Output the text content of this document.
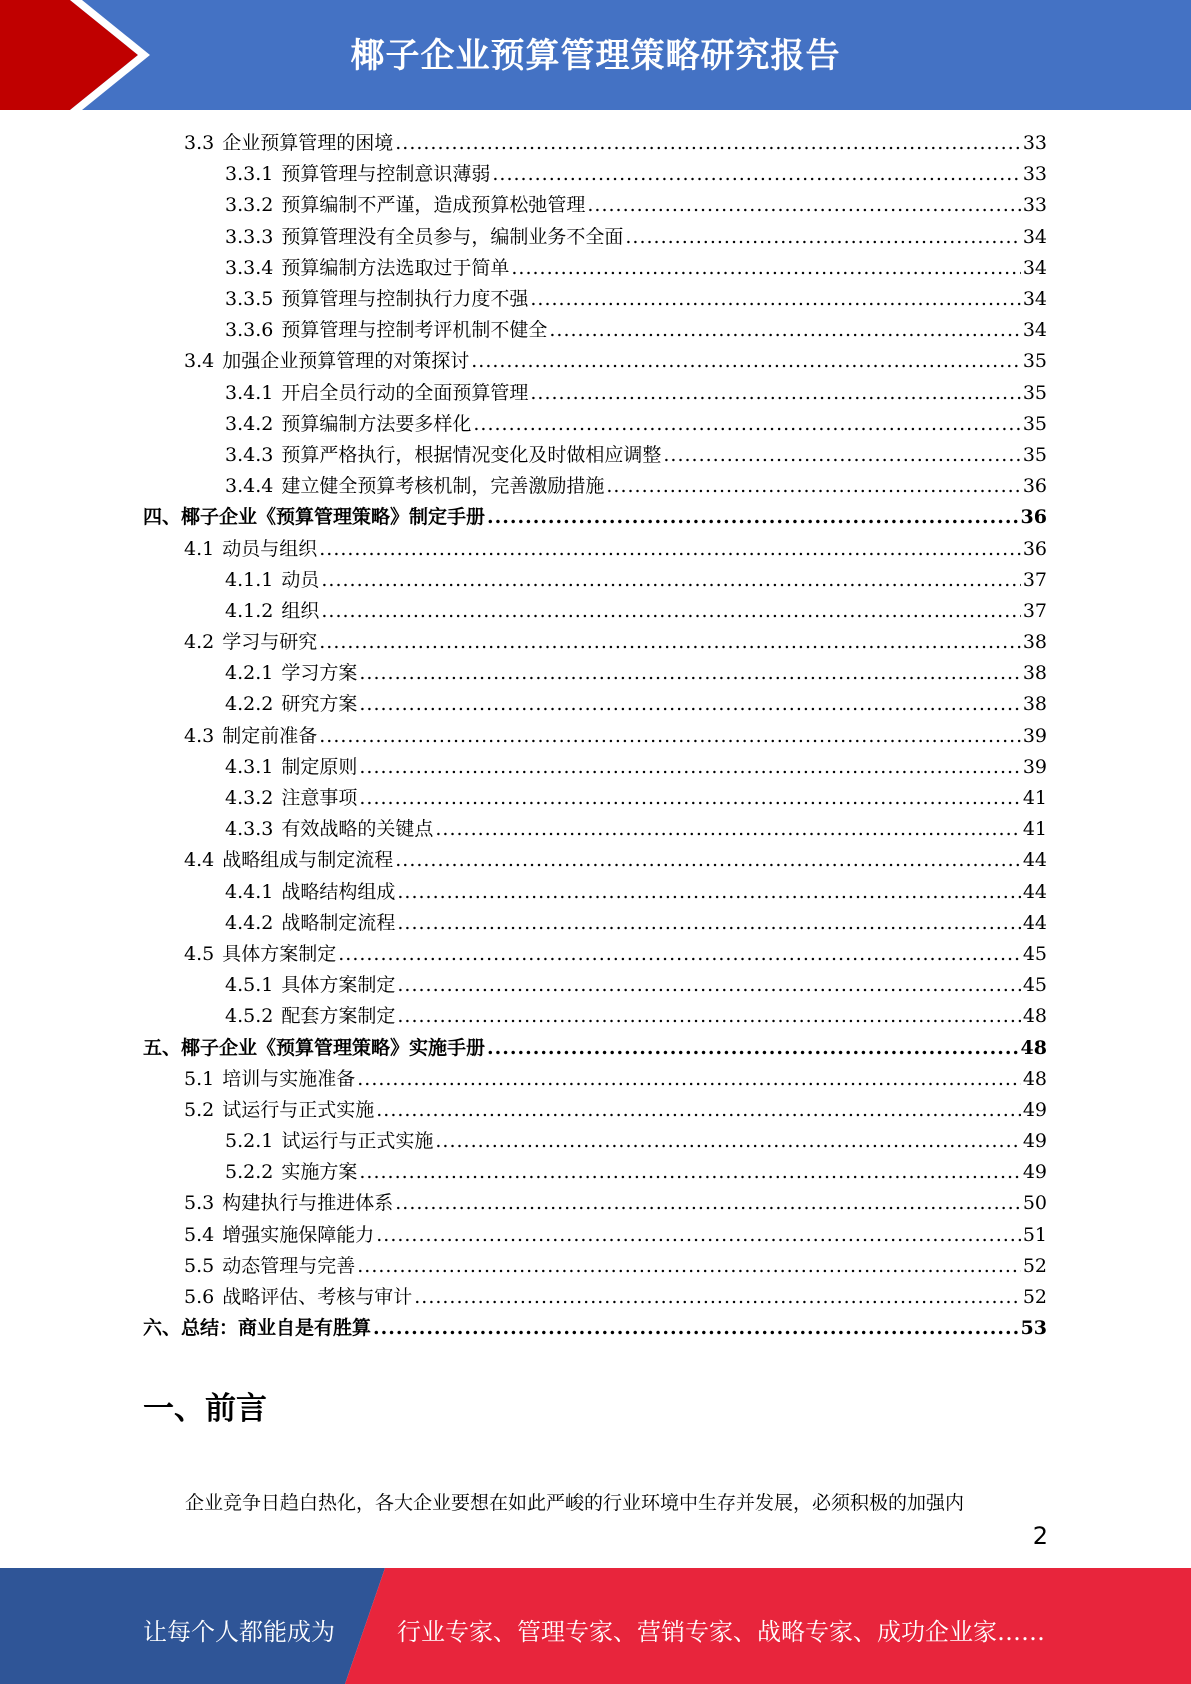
椰子企业预算管理策略研究报告
3.3 企业预算管理的困境 .....	33
3.3.1 预算管理与控制意识薄弱 .....	33
3.3.2 预算编制不严谨，造成预算松弛管理 .....	33
3.3.3 预算管理没有全员参与，编制业务不全面 .....	34
3.3.4 预算编制方法选取过于简单 .....	34
3.3.5 预算管理与控制执行力度不强 .....	34
3.3.6 预算管理与控制考评机制不健全 .....	34
3.4 加强企业预算管理的对策探讨 .....	35
3.4.1 开启全员行动的全面预算管理 .....	35
3.4.2 预算编制方法要多样化 .....	35
3.4.3 预算严格执行，根据情况变化及时做相应调整 .....	35
3.4.4 建立健全预算考核机制，完善激励措施 .....	36
四、椰子企业《预算管理策略》制定手册 .....	36
4.1 动员与组织 .....	36
4.1.1 动员 .....	37
4.1.2 组织 .....	37
4.2 学习与研究 .....	38
4.2.1 学习方案 .....	38
4.2.2 研究方案 .....	38
4.3 制定前准备 .....	39
4.3.1 制定原则 .....	39
4.3.2 注意事项 .....	41
4.3.3 有效战略的关键点 .....	41
4.4 战略组成与制定流程 .....	44
4.4.1 战略结构组成 .....	44
4.4.2 战略制定流程 .....	44
4.5 具体方案制定 .....	45
4.5.1 具体方案制定 .....	45
4.5.2 配套方案制定 .....	48
五、椰子企业《预算管理策略》实施手册 .....	48
5.1 培训与实施准备 .....	48
5.2 试运行与正式实施 .....	49
5.2.1 试运行与正式实施 .....	49
5.2.2 实施方案 .....	49
5.3 构建执行与推进体系 .....	50
5.4 增强实施保障能力 .....	51
5.5 动态管理与完善 .....	52
5.6 战略评估、考核与审计 .....	52
六、总结：商业自是有胜算 .....	53
一、前言
企业竞争日趋白热化，各大企业要想在如此严峻的行业环境中生存并发展，必须积极的加强内
2
让每个人都能成为	行业专家、管理专家、营销专家、战略专家、成功企业家……
